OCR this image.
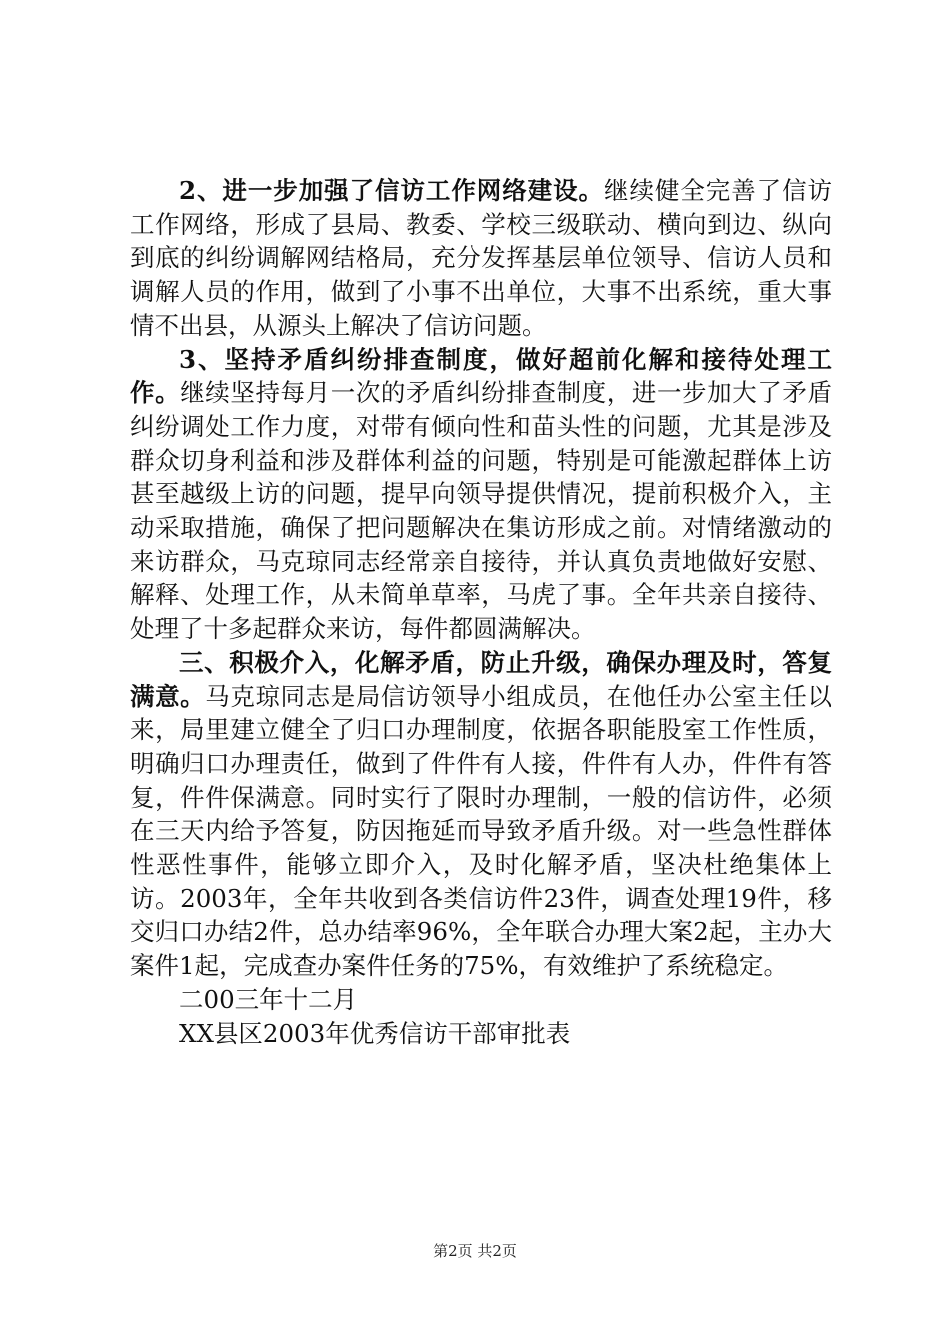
2、进一步加强了信访工作网络建设。继续健全完善了信访工作网络，形成了县局、教委、学校三级联动、横向到边、纵向到底的纠纷调解网结格局，充分发挥基层单位领导、信访人员和调解人员的作用，做到了小事不出单位，大事不出系统，重大事情不出县，从源头上解决了信访问题。

3、坚持矛盾纠纷排查制度，做好超前化解和接待处理工作。继续坚持每月一次的矛盾纠纷排查制度，进一步加大了矛盾纠纷调处工作力度，对带有倾向性和苗头性的问题，尤其是涉及群众切身利益和涉及群体利益的问题，特别是可能激起群体上访甚至越级上访的问题，提早向领导提供情况，提前积极介入，主动采取措施，确保了把问题解决在集访形成之前。对情绪激动的来访群众，马克琼同志经常亲自接待，并认真负责地做好安慰、解释、处理工作，从未简单草率，马虎了事。全年共亲自接待、处理了十多起群众来访，每件都圆满解决。

三、积极介入，化解矛盾，防止升级，确保办理及时，答复满意。马克琼同志是局信访领导小组成员，在他任办公室主任以来，局里建立健全了归口办理制度，依据各职能股室工作性质，明确归口办理责任，做到了件件有人接，件件有人办，件件有答复，件件保满意。同时实行了限时办理制，一般的信访件，必须在三天内给予答复，防因拖延而导致矛盾升级。对一些急性群体性恶性事件，能够立即介入，及时化解矛盾，坚决杜绝集体上访。2003年，全年共收到各类信访件23件，调查处理19件，移交归口办结2件，总办结率96%，全年联合办理大案2起，主办大案件1起，完成查办案件任务的75%，有效维护了系统稳定。

二00三年十二月

XX县区2003年优秀信访干部审批表

第2页 共2页
